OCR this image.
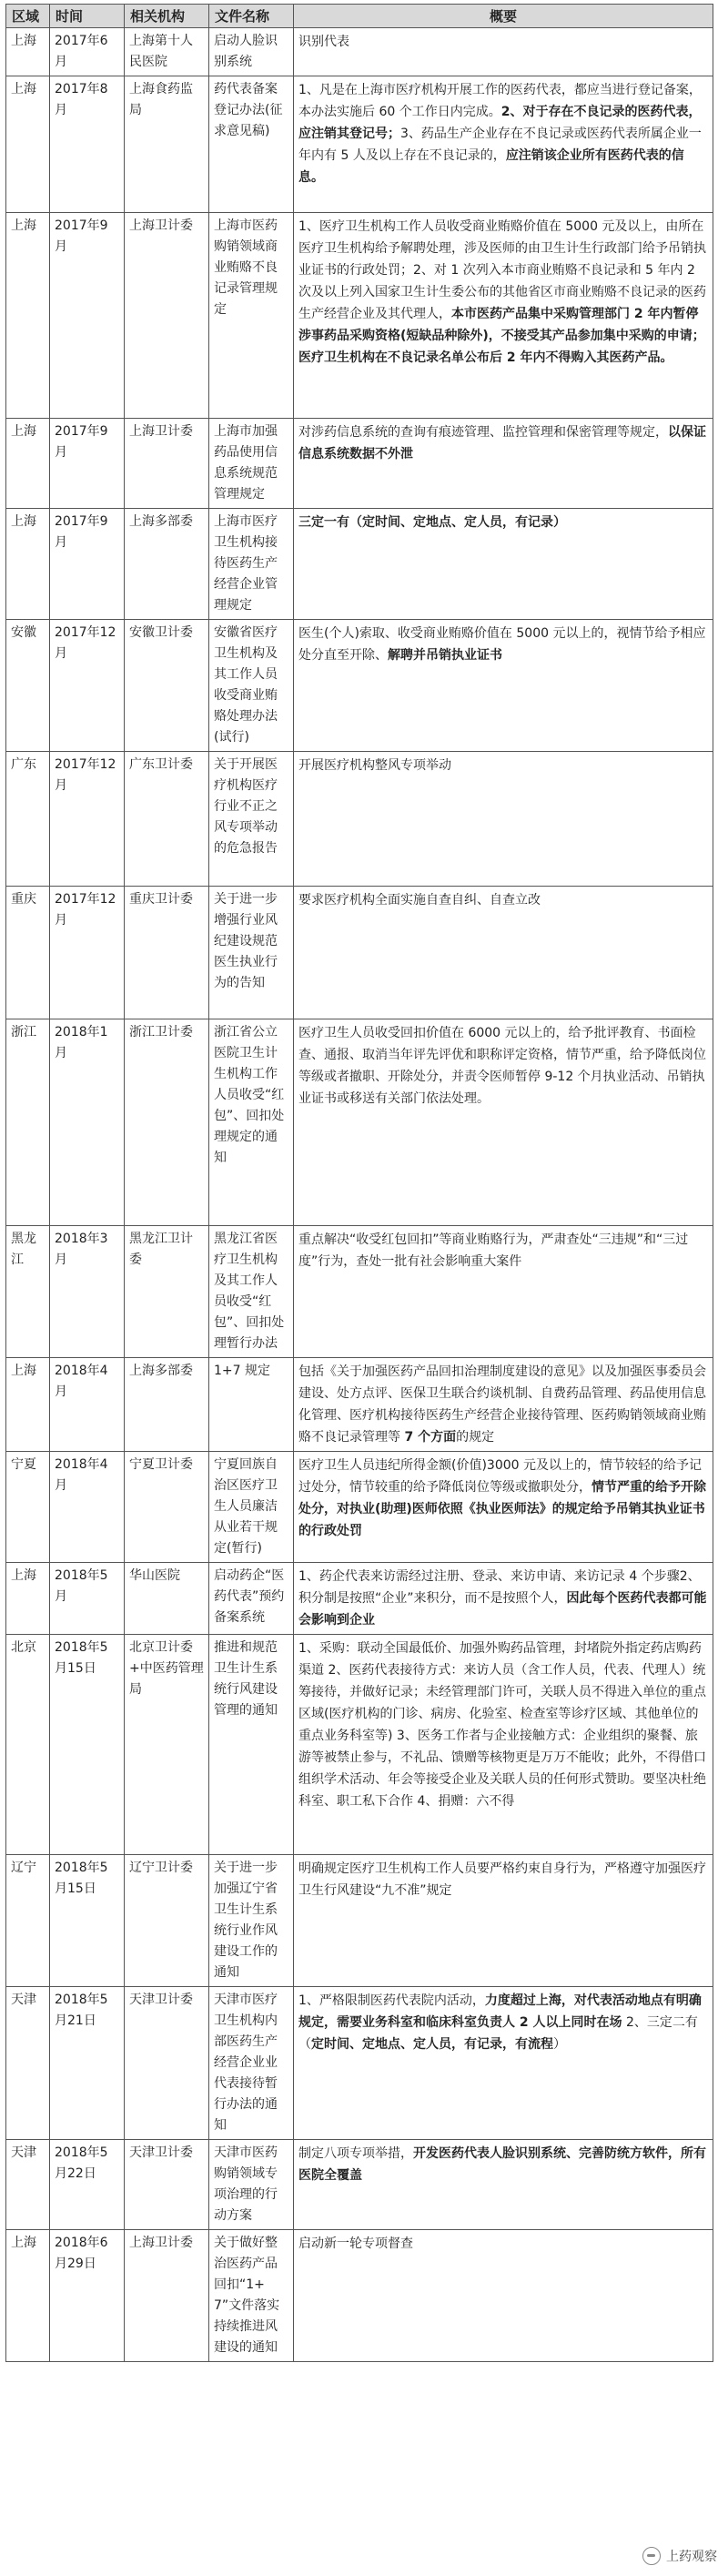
区域	时间	相关机构	文件名称	概要
上海	2017年6月	上海第十人民医院	启动人脸识别系统	识别代表
上海	2017年8月	上海食药监局	药代表备案登记办法(征求意见稿)	1、凡是在上海市医疗机构开展工作的医药代表，都应当进行登记备案，本办法实施后 60 个工作日内完成。2、对于存在不良记录的医药代表，应注销其登记号；3、药品生产企业存在不良记录或医药代表所属企业一年内有 5 人及以上存在不良记录的，应注销该企业所有医药代表的信息。
上海	2017年9月	上海卫计委	上海市医药购销领域商业贿赂不良记录管理规定	1、医疗卫生机构工作人员收受商业贿赂价值在 5000 元及以上，由所在医疗卫生机构给予解聘处理，涉及医师的由卫生计生行政部门给予吊销执业证书的行政处罚；2、对 1 次列入本市商业贿赂不良记录和 5 年内 2 次及以上列入国家卫生计生委公布的其他省区市商业贿赂不良记录的医药生产经营企业及其代理人，本市医药产品集中采购管理部门 2 年内暂停涉事药品采购资格(短缺品种除外)，不接受其产品参加集中采购的申请；医疗卫生机构在不良记录名单公布后 2 年内不得购入其医药产品。
上海	2017年9月	上海卫计委	上海市加强药品使用信息系统规范管理规定	对涉药信息系统的查询有痕迹管理、监控管理和保密管理等规定，以保证信息系统数据不外泄
上海	2017年9月	上海多部委	上海市医疗卫生机构接待医药生产经营企业管理规定	三定一有（定时间、定地点、定人员，有记录）
安徽	2017年12月	安徽卫计委	安徽省医疗卫生机构及其工作人员收受商业贿赂处理办法(试行)	医生(个人)索取、收受商业贿赂价值在 5000 元以上的，视情节给予相应处分直至开除、解聘并吊销执业证书
广东	2017年12月	广东卫计委	关于开展医疗机构医疗行业不正之风专项举动的危急报告	开展医疗机构整风专项举动
重庆	2017年12月	重庆卫计委	关于进一步增强行业风纪建设规范医生执业行为的告知	要求医疗机构全面实施自查自纠、自查立改
浙江	2018年1月	浙江卫计委	浙江省公立医院卫生计生机构工作人员收受“红包”、回扣处理规定的通知	医疗卫生人员收受回扣价值在 6000 元以上的，给予批评教育、书面检查、通报、取消当年评先评优和职称评定资格，情节严重，给予降低岗位等级或者撤职、开除处分，并责令医师暂停 9-12 个月执业活动、吊销执业证书或移送有关部门依法处理。
黑龙江	2018年3月	黑龙江卫计委	黑龙江省医疗卫生机构及其工作人员收受“红包”、回扣处理暂行办法	重点解决“收受红包回扣”等商业贿赂行为，严肃查处“三违规”和“三过度”行为，查处一批有社会影响重大案件
上海	2018年4月	上海多部委	1+7 规定	包括《关于加强医药产品回扣治理制度建设的意见》以及加强医事委员会建设、处方点评、医保卫生联合约谈机制、自费药品管理、药品使用信息化管理、医疗机构接待医药生产经营企业接待管理、医药购销领域商业贿赂不良记录管理等 7 个方面的规定
宁夏	2018年4月	宁夏卫计委	宁夏回族自治区医疗卫生人员廉洁从业若干规定(暂行)	医疗卫生人员违纪所得金额(价值)3000 元及以上的，情节较轻的给予记过处分，情节较重的给予降低岗位等级或撤职处分，情节严重的给予开除处分，对执业(助理)医师依照《执业医师法》的规定给予吊销其执业证书的行政处罚
上海	2018年5月	华山医院	启动药企“医药代表”预约备案系统	1、药企代表来访需经过注册、登录、来访申请、来访记录 4 个步骤2、积分制是按照“企业”来积分，而不是按照个人，因此每个医药代表都可能会影响到企业
北京	2018年5月15日	北京卫计委+中医药管理局	推进和规范卫生计生系统行风建设管理的通知	1、采购：联动全国最低价、加强外购药品管理，封堵院外指定药店购药渠道 2、医药代表接待方式：来访人员（含工作人员，代表、代理人）统筹接待，并做好记录；未经管理部门许可，关联人员不得进入单位的重点区域(医疗机构的门诊、病房、化验室、检查室等诊疗区域、其他单位的重点业务科室等) 3、医务工作者与企业接触方式：企业组织的聚餐、旅游等被禁止参与，不礼品、馈赠等核物更是万万不能收；此外，不得借口组织学术活动、年会等接受企业及关联人员的任何形式赞助。要坚决杜绝科室、职工私下合作 4、捐赠：六不得
辽宁	2018年5月15日	辽宁卫计委	关于进一步加强辽宁省卫生计生系统行业作风建设工作的通知	明确规定医疗卫生机构工作人员要严格约束自身行为，严格遵守加强医疗卫生行风建设“九不准”规定
天津	2018年5月21日	天津卫计委	天津市医疗卫生机构内部医药生产经营企业业代表接待暂行办法的通知	1、严格限制医药代表院内活动，力度超过上海，对代表活动地点有明确规定，需要业务科室和临床科室负责人 2 人以上同时在场 2、三定二有（定时间、定地点、定人员，有记录，有流程）
天津	2018年5月22日	天津卫计委	天津市医药购销领域专项治理的行动方案	制定八项专项举措，开发医药代表人脸识别系统、完善防统方软件，所有医院全覆盖
上海	2018年6月29日	上海卫计委	关于做好整治医药产品回扣“1+7”文件落实持续推进风建设的通知	启动新一轮专项督查
上药观察
